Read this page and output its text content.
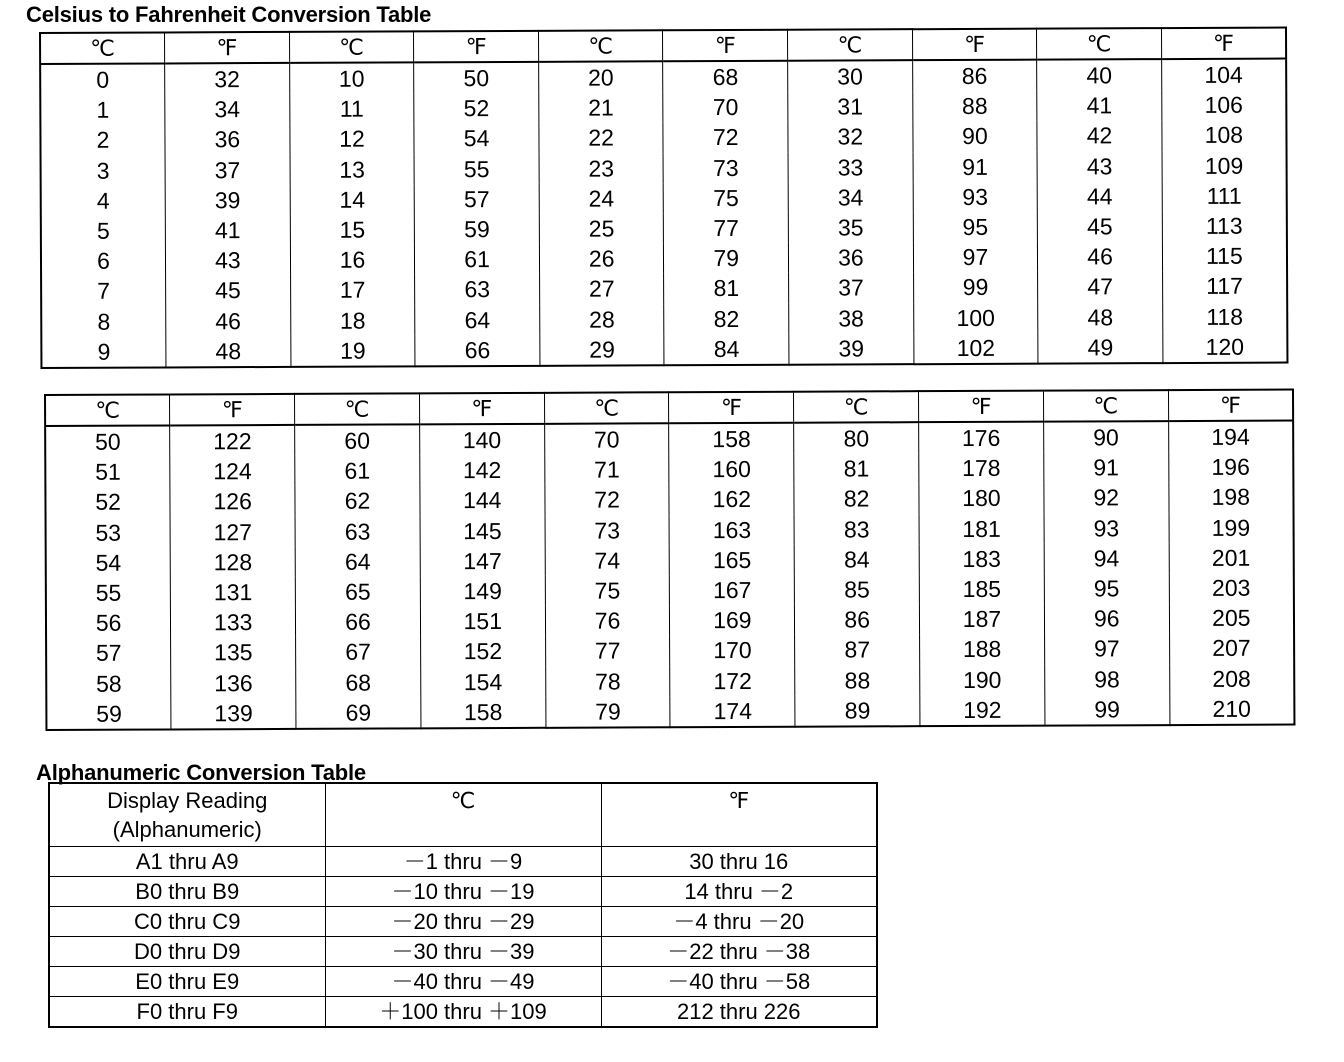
Celsius to Fahrenheit Conversion Table
℃	℉	℃	℉	℃	℉	℃	℉	℃	℉
0	32	10	50	20	68	30	86	40	104
1	34	11	52	21	70	31	88	41	106
2	36	12	54	22	72	32	90	42	108
3	37	13	55	23	73	33	91	43	109
4	39	14	57	24	75	34	93	44	111
5	41	15	59	25	77	35	95	45	113
6	43	16	61	26	79	36	97	46	115
7	45	17	63	27	81	37	99	47	117
8	46	18	64	28	82	38	100	48	118
9	48	19	66	29	84	39	102	49	120
℃	℉	℃	℉	℃	℉	℃	℉	℃	℉
50	122	60	140	70	158	80	176	90	194
51	124	61	142	71	160	81	178	91	196
52	126	62	144	72	162	82	180	92	198
53	127	63	145	73	163	83	181	93	199
54	128	64	147	74	165	84	183	94	201
55	131	65	149	75	167	85	185	95	203
56	133	66	151	76	169	86	187	96	205
57	135	67	152	77	170	87	188	97	207
58	136	68	154	78	172	88	190	98	208
59	139	69	158	79	174	89	192	99	210
Alphanumeric Conversion Table
Display Reading
(Alphanumeric)	℃	℉
A1 thru A9	－1 thru －9	30 thru 16
B0 thru B9	－10 thru －19	14 thru －2
C0 thru C9	－20 thru －29	－4 thru －20
D0 thru D9	－30 thru －39	－22 thru －38
E0 thru E9	－40 thru －49	－40 thru －58
F0 thru F9	＋100 thru ＋109	212 thru 226
